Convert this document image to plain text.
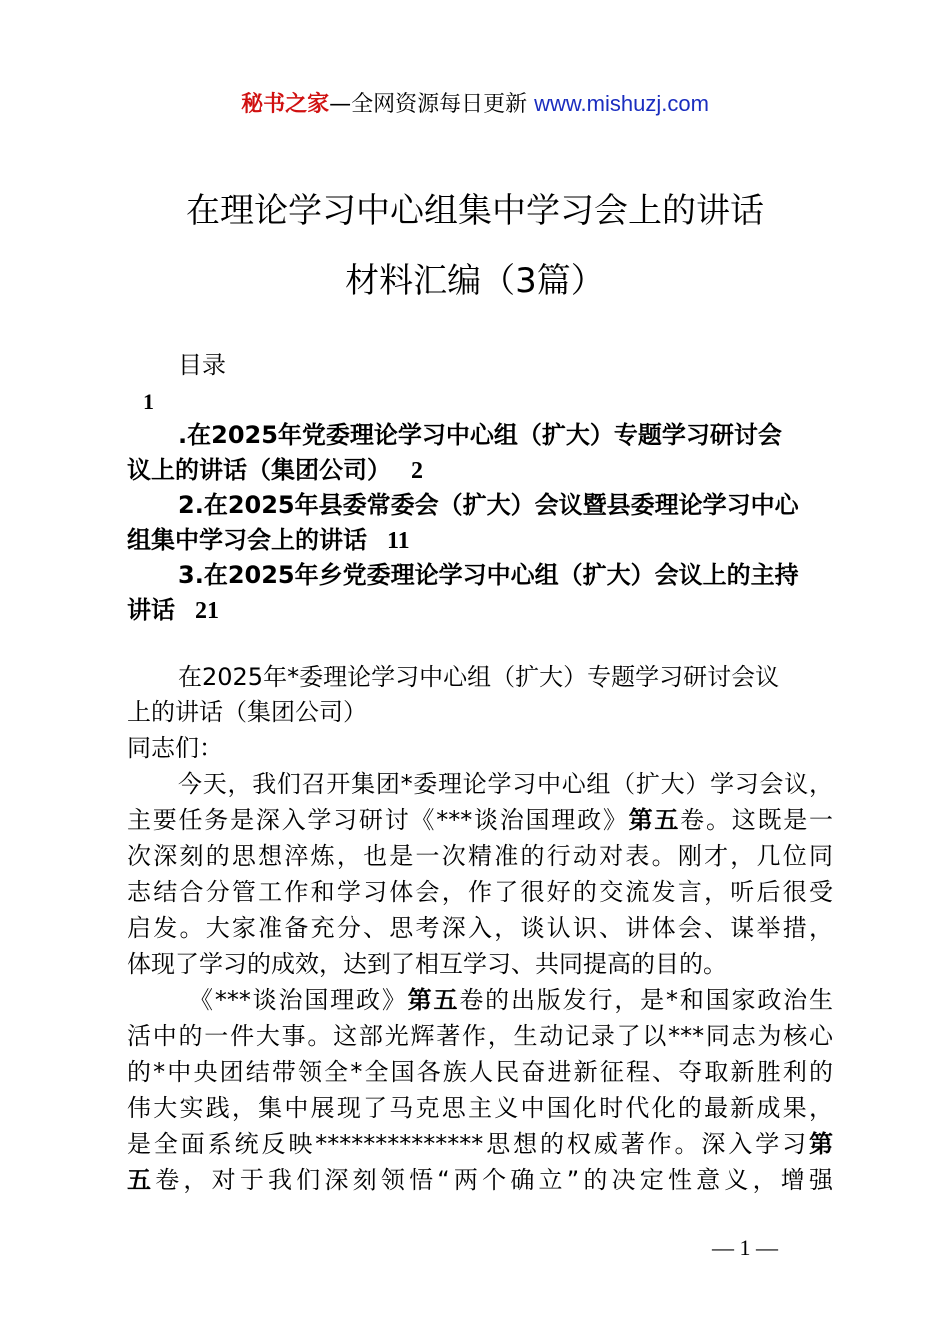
秘书之家—全网资源每日更新 www.mishuzj.com
在理论学习中心组集中学习会上的讲话
材料汇编（3篇）
目录
1
.在2025年党委理论学习中心组（扩大）专题学习研讨会
议上的讲话（集团公司） 2
2.在2025年县委常委会（扩大）会议暨县委理论学习中心
组集中学习会上的讲话 11
3.在2025年乡党委理论学习中心组（扩大）会议上的主持
讲话 21
在2025年*委理论学习中心组（扩大）专题学习研讨会议
上的讲话（集团公司）
同志们：
今天，我们召开集团*委理论学习中心组（扩大）学习会议，
主要任务是深入学习研讨《***谈治国理政》第五卷。这既是一
次深刻的思想淬炼，也是一次精准的行动对表。刚才，几位同
志结合分管工作和学习体会，作了很好的交流发言，听后很受
启发。大家准备充分、思考深入，谈认识、讲体会、谋举措，
体现了学习的成效，达到了相互学习、共同提高的目的。
《***谈治国理政》第五卷的出版发行，是*和国家政治生
活中的一件大事。这部光辉著作，生动记录了以***同志为核心
的*中央团结带领全*全国各族人民奋进新征程、夺取新胜利的
伟大实践，集中展现了马克思主义中国化时代化的最新成果，
是全面系统反映**************思想的权威著作。深入学习第
五卷，对于我们深刻领悟“两个确立”的决定性意义，增强
— 1 —
